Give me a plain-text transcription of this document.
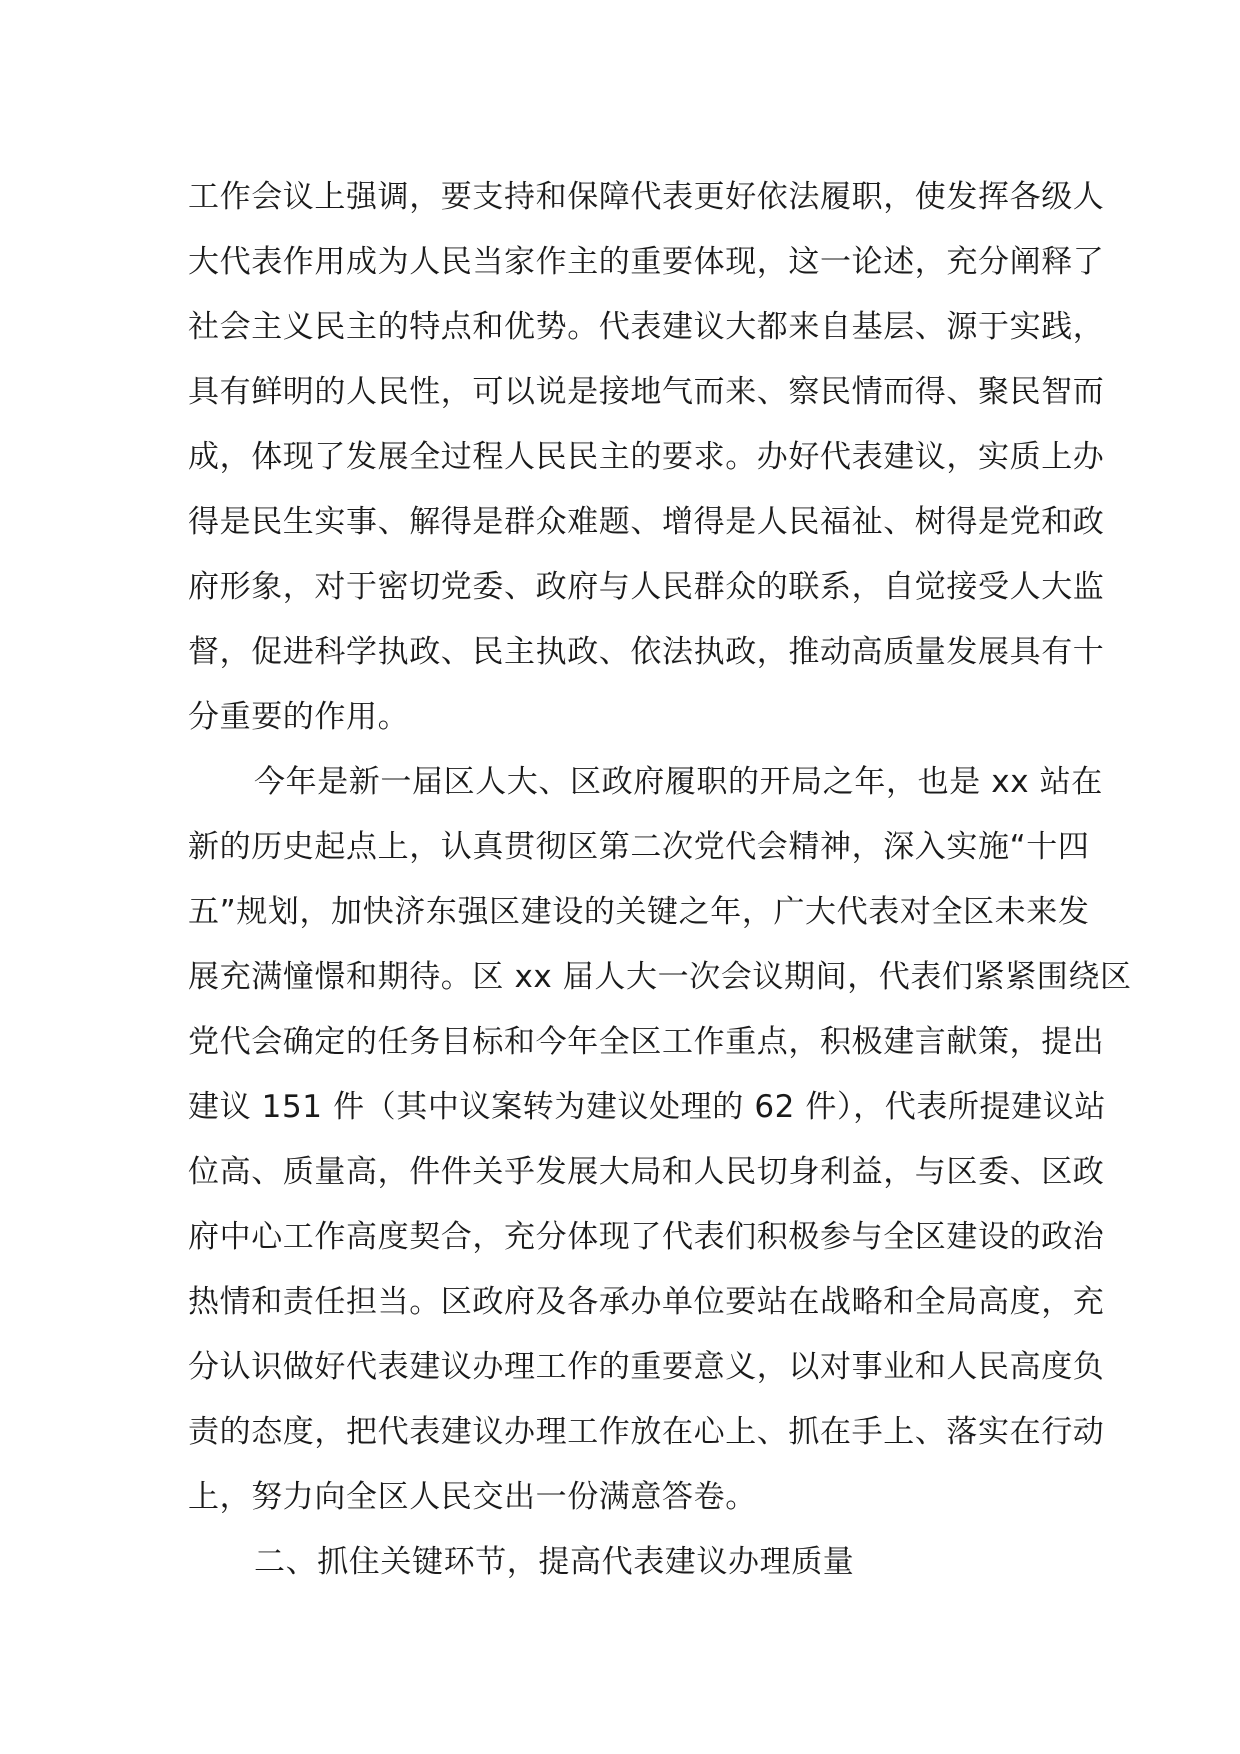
工作会议上强调，要支持和保障代表更好依法履职，使发挥各级人
大代表作用成为人民当家作主的重要体现，这一论述，充分阐释了
社会主义民主的特点和优势。代表建议大都来自基层、源于实践，
具有鲜明的人民性，可以说是接地气而来、察民情而得、聚民智而
成，体现了发展全过程人民民主的要求。办好代表建议，实质上办
得是民生实事、解得是群众难题、增得是人民福祉、树得是党和政
府形象，对于密切党委、政府与人民群众的联系，自觉接受人大监
督，促进科学执政、民主执政、依法执政，推动高质量发展具有十
分重要的作用。
今年是新一届区人大、区政府履职的开局之年，也是 xx 站在
新的历史起点上，认真贯彻区第二次党代会精神，深入实施“十四
五”规划，加快济东强区建设的关键之年，广大代表对全区未来发
展充满憧憬和期待。区 xx 届人大一次会议期间，代表们紧紧围绕区
党代会确定的任务目标和今年全区工作重点，积极建言献策，提出
建议 151 件（其中议案转为建议处理的 62 件），代表所提建议站
位高、质量高，件件关乎发展大局和人民切身利益，与区委、区政
府中心工作高度契合，充分体现了代表们积极参与全区建设的政治
热情和责任担当。区政府及各承办单位要站在战略和全局高度，充
分认识做好代表建议办理工作的重要意义，以对事业和人民高度负
责的态度，把代表建议办理工作放在心上、抓在手上、落实在行动
上，努力向全区人民交出一份满意答卷。
二、抓住关键环节，提高代表建议办理质量
